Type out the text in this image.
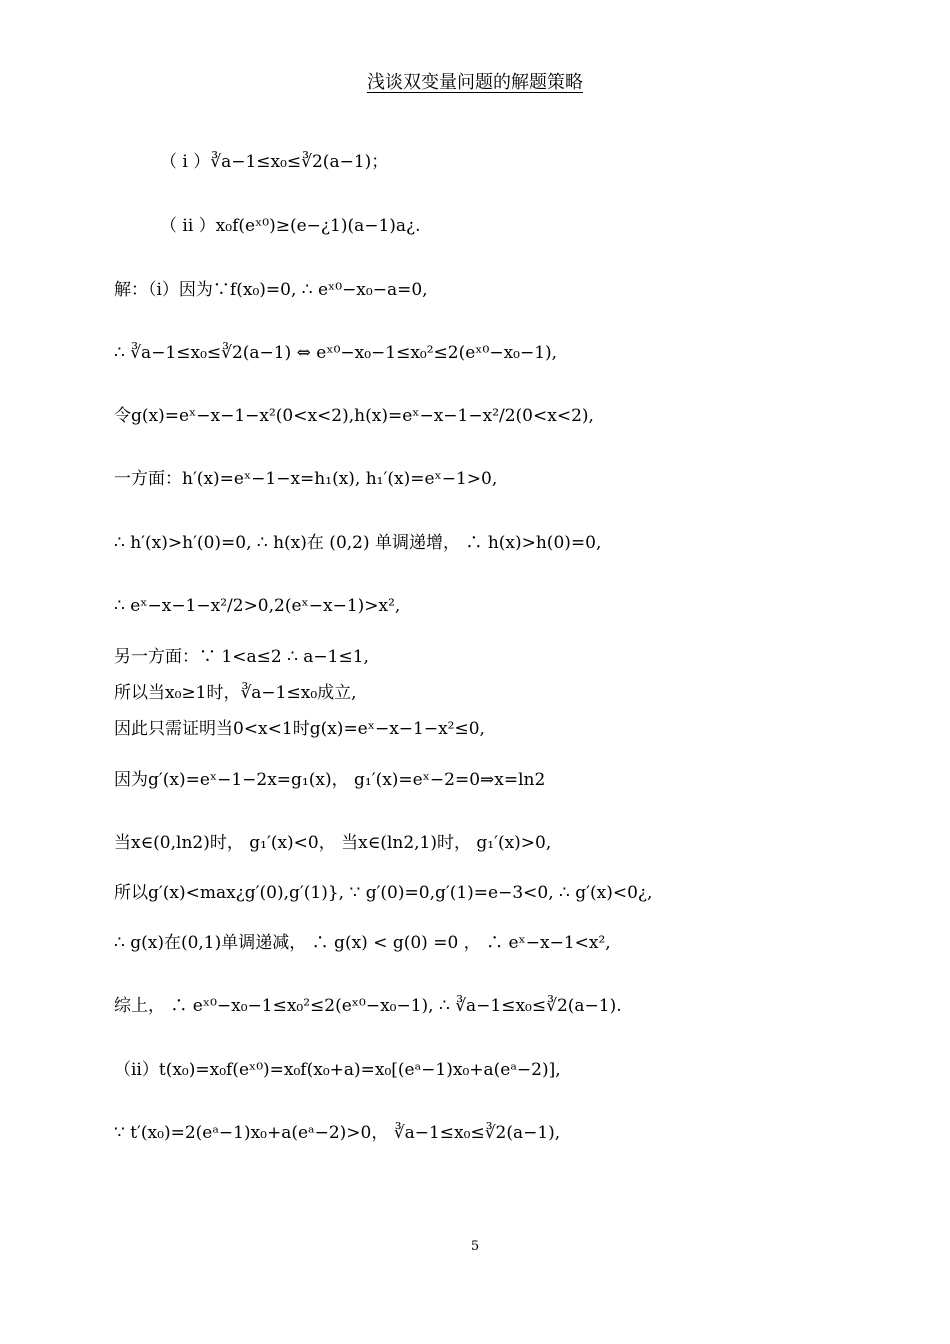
浅谈双变量问题的解题策略
（ i ）∛a−1≤x₀≤∛2(a−1)；
（ ii ）x₀f(eˣ⁰)≥(e−¿1)(a−1)a¿.
解：（i）因为∵f(x₀)=0, ∴ eˣ⁰−x₀−a=0,
∴ ∛a−1≤x₀≤∛2(a−1) ⇔ eˣ⁰−x₀−1≤x₀²≤2(eˣ⁰−x₀−1),
令g(x)=eˣ−x−1−x²(0<x<2),h(x)=eˣ−x−1−x²/2(0<x<2),
一方面：h′(x)=eˣ−1−x=h₁(x), h₁′(x)=eˣ−1>0,
∴ h′(x)>h′(0)=0, ∴ h(x)在 (0,2) 单调递增， ∴ h(x)>h(0)=0,
∴ eˣ−x−1−x²/2>0,2(eˣ−x−1)>x²,
另一方面：∵ 1<a≤2 ∴ a−1≤1,
所以当x₀≥1时，∛a−1≤x₀成立,
因此只需证明当0<x<1时g(x)=eˣ−x−1−x²≤0,
因为g′(x)=eˣ−1−2x=g₁(x)， g₁′(x)=eˣ−2=0⇒x=ln2
当x∈(0,ln2)时， g₁′(x)<0， 当x∈(ln2,1)时， g₁′(x)>0,
所以g′(x)<max¿g′(0),g′(1)}, ∵ g′(0)=0,g′(1)=e−3<0, ∴ g′(x)<0¿,
∴ g(x)在(0,1)单调递减， ∴ g(x) < g(0) =0 ， ∴ eˣ−x−1<x²,
综上， ∴ eˣ⁰−x₀−1≤x₀²≤2(eˣ⁰−x₀−1), ∴ ∛a−1≤x₀≤∛2(a−1).
（ii）t(x₀)=x₀f(eˣ⁰)=x₀f(x₀+a)=x₀[(eᵃ−1)x₀+a(eᵃ−2)],
∵ t′(x₀)=2(eᵃ−1)x₀+a(eᵃ−2)>0， ∛a−1≤x₀≤∛2(a−1),
5
